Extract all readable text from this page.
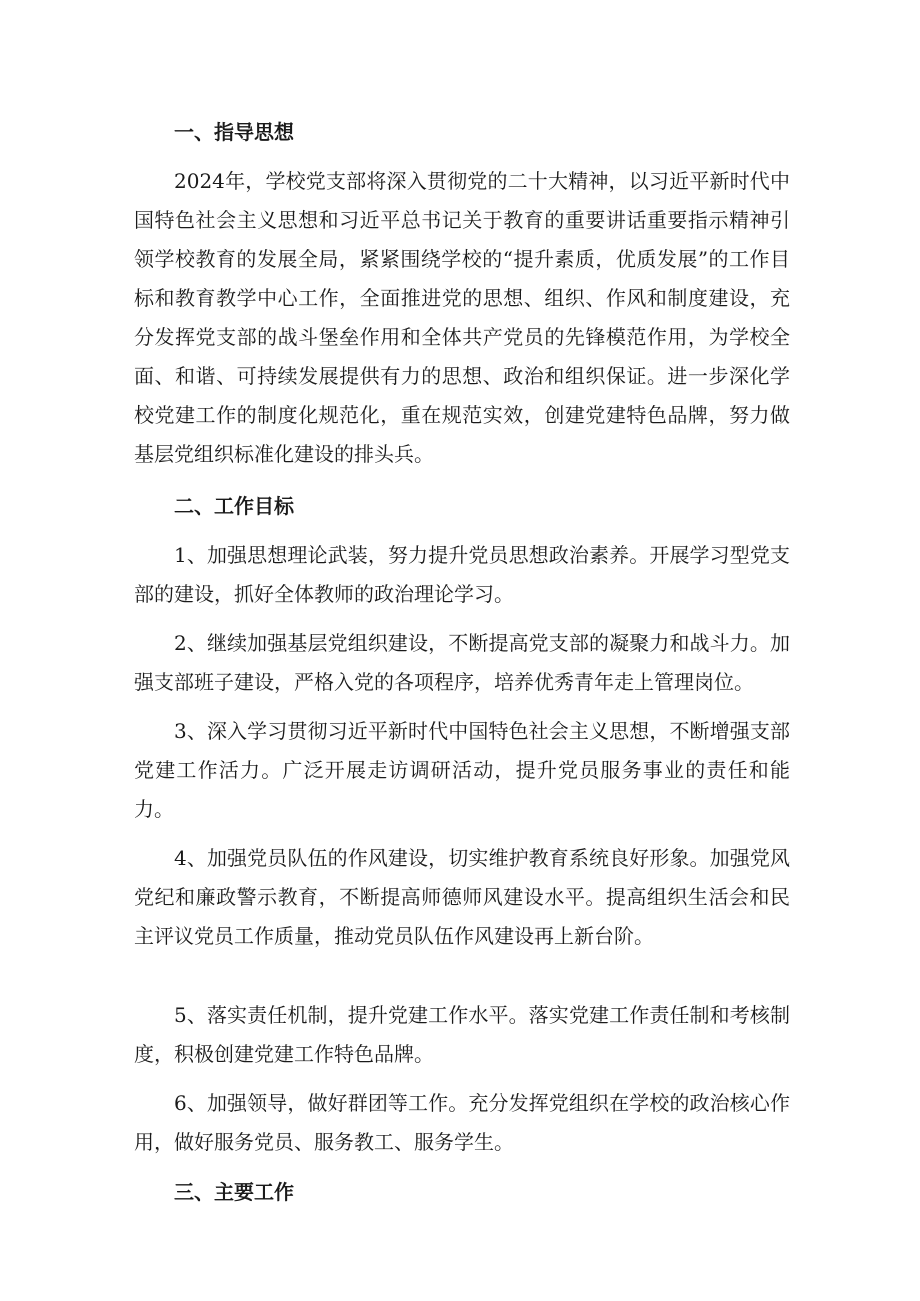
一、指导思想

2024年，学校党支部将深入贯彻党的二十大精神，以习近平新时代中国特色社会主义思想和习近平总书记关于教育的重要讲话重要指示精神引领学校教育的发展全局，紧紧围绕学校的“提升素质，优质发展”的工作目标和教育教学中心工作，全面推进党的思想、组织、作风和制度建设，充分发挥党支部的战斗堡垒作用和全体共产党员的先锋模范作用，为学校全面、和谐、可持续发展提供有力的思想、政治和组织保证。进一步深化学校党建工作的制度化规范化，重在规范实效，创建党建特色品牌，努力做基层党组织标准化建设的排头兵。

二、工作目标

1、加强思想理论武装，努力提升党员思想政治素养。开展学习型党支部的建设，抓好全体教师的政治理论学习。

2、继续加强基层党组织建设，不断提高党支部的凝聚力和战斗力。加强支部班子建设，严格入党的各项程序，培养优秀青年走上管理岗位。

3、深入学习贯彻习近平新时代中国特色社会主义思想，不断增强支部党建工作活力。广泛开展走访调研活动，提升党员服务事业的责任和能力。

4、加强党员队伍的作风建设，切实维护教育系统良好形象。加强党风党纪和廉政警示教育，不断提高师德师风建设水平。提高组织生活会和民主评议党员工作质量，推动党员队伍作风建设再上新台阶。

5、落实责任机制，提升党建工作水平。落实党建工作责任制和考核制度，积极创建党建工作特色品牌。

6、加强领导，做好群团等工作。充分发挥党组织在学校的政治核心作用，做好服务党员、服务教工、服务学生。

三、主要工作
